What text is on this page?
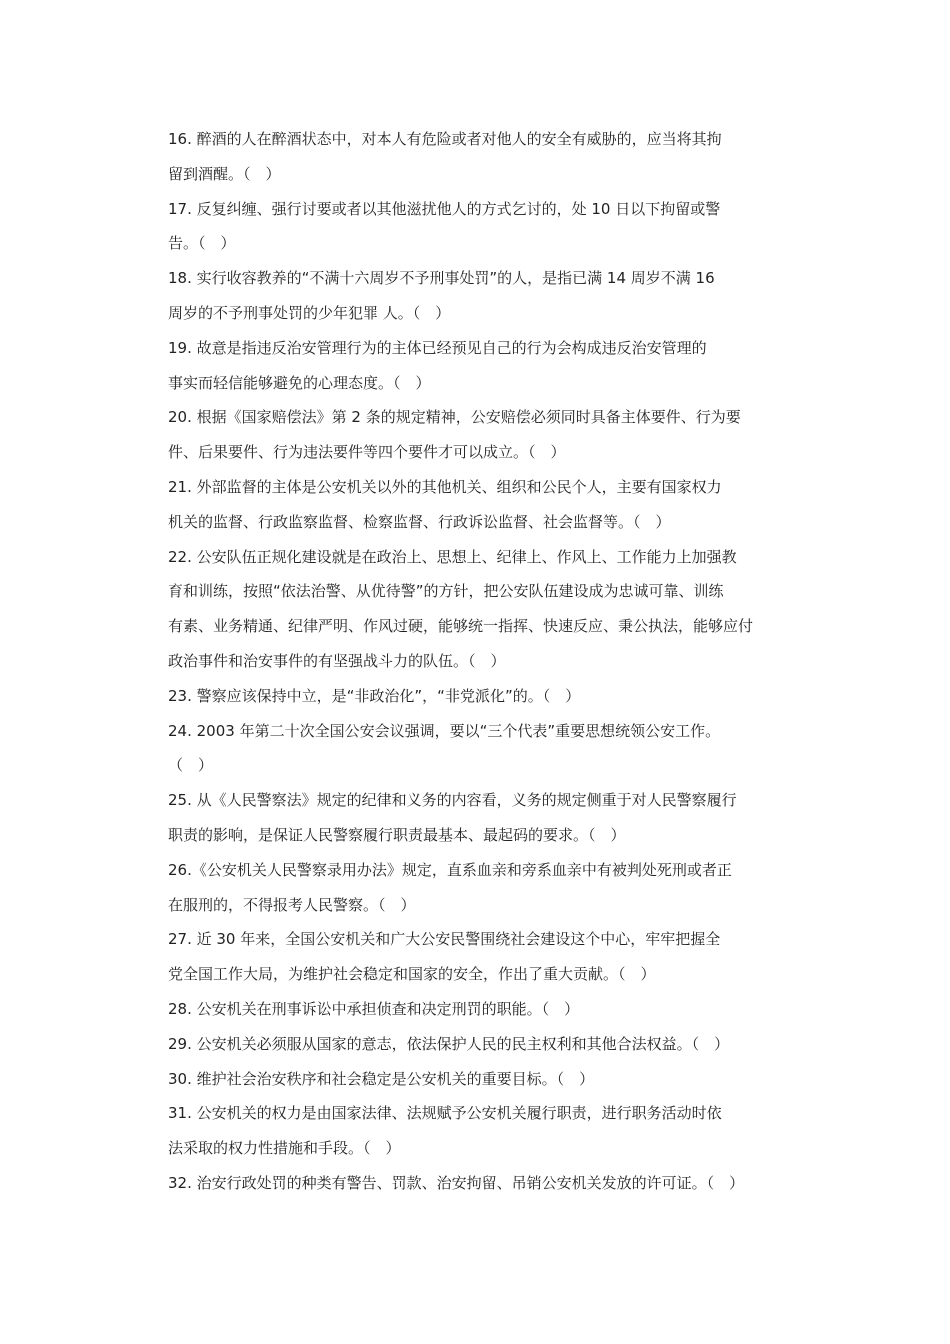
16. 醉酒的人在醉酒状态中，对本人有危险或者对他人的安全有威胁的，应当将其拘
留到酒醒。（　）
17. 反复纠缠、强行讨要或者以其他滋扰他人的方式乞讨的，处 10 日以下拘留或警
告。（　）
18. 实行收容教养的“不满十六周岁不予刑事处罚”的人，是指已满 14 周岁不满 16
周岁的不予刑事处罚的少年犯罪 人。（　）
19. 故意是指违反治安管理行为的主体已经预见自己的行为会构成违反治安管理的
事实而轻信能够避免的心理态度。（　）
20. 根据《国家赔偿法》第 2 条的规定精神，公安赔偿必须同时具备主体要件、行为要
件、后果要件、行为违法要件等四个要件才可以成立。（　）
21. 外部监督的主体是公安机关以外的其他机关、组织和公民个人，主要有国家权力
机关的监督、行政监察监督、检察监督、行政诉讼监督、社会监督等。（　）
22. 公安队伍正规化建设就是在政治上、思想上、纪律上、作风上、工作能力上加强教
育和训练，按照“依法治警、从优待警”的方针，把公安队伍建设成为忠诚可靠、训练
有素、业务精通、纪律严明、作风过硬，能够统一指挥、快速反应、秉公执法，能够应付
政治事件和治安事件的有坚强战斗力的队伍。（　）
23. 警察应该保持中立，是“非政治化”，“非党派化”的。（　）
24. 2003 年第二十次全国公安会议强调，要以“三个代表”重要思想统领公安工作。
（　）
25. 从《人民警察法》规定的纪律和义务的内容看，义务的规定侧重于对人民警察履行
职责的影响，是保证人民警察履行职责最基本、最起码的要求。（　）
26.《公安机关人民警察录用办法》规定，直系血亲和旁系血亲中有被判处死刑或者正
在服刑的，不得报考人民警察。（　）
27. 近 30 年来，全国公安机关和广大公安民警围绕社会建设这个中心，牢牢把握全
党全国工作大局，为维护社会稳定和国家的安全，作出了重大贡献。（　）
28. 公安机关在刑事诉讼中承担侦查和决定刑罚的职能。（　）
29. 公安机关必须服从国家的意志，依法保护人民的民主权利和其他合法权益。（　）
30. 维护社会治安秩序和社会稳定是公安机关的重要目标。（　）
31. 公安机关的权力是由国家法律、法规赋予公安机关履行职责，进行职务活动时依
法采取的权力性措施和手段。（　）
32. 治安行政处罚的种类有警告、罚款、治安拘留、吊销公安机关发放的许可证。（　）
